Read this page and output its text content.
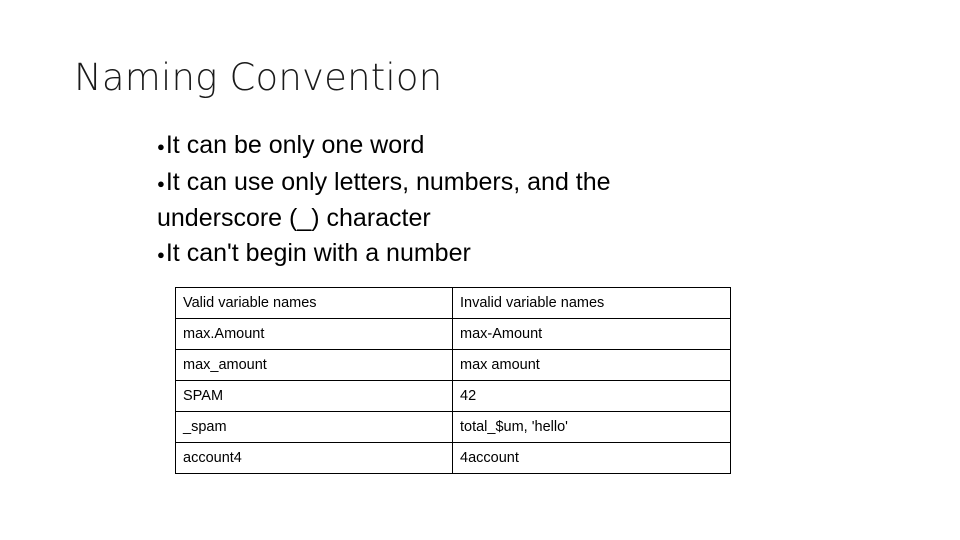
Naming Convention
●It can be only one word
●It can use only letters, numbers, and the
underscore (_) character
●It can't begin with a number
Valid variable names	Invalid variable names
max.Amount	max-Amount
max_amount	max amount
SPAM	42
_spam	total_$um, 'hello'
account4	4account
